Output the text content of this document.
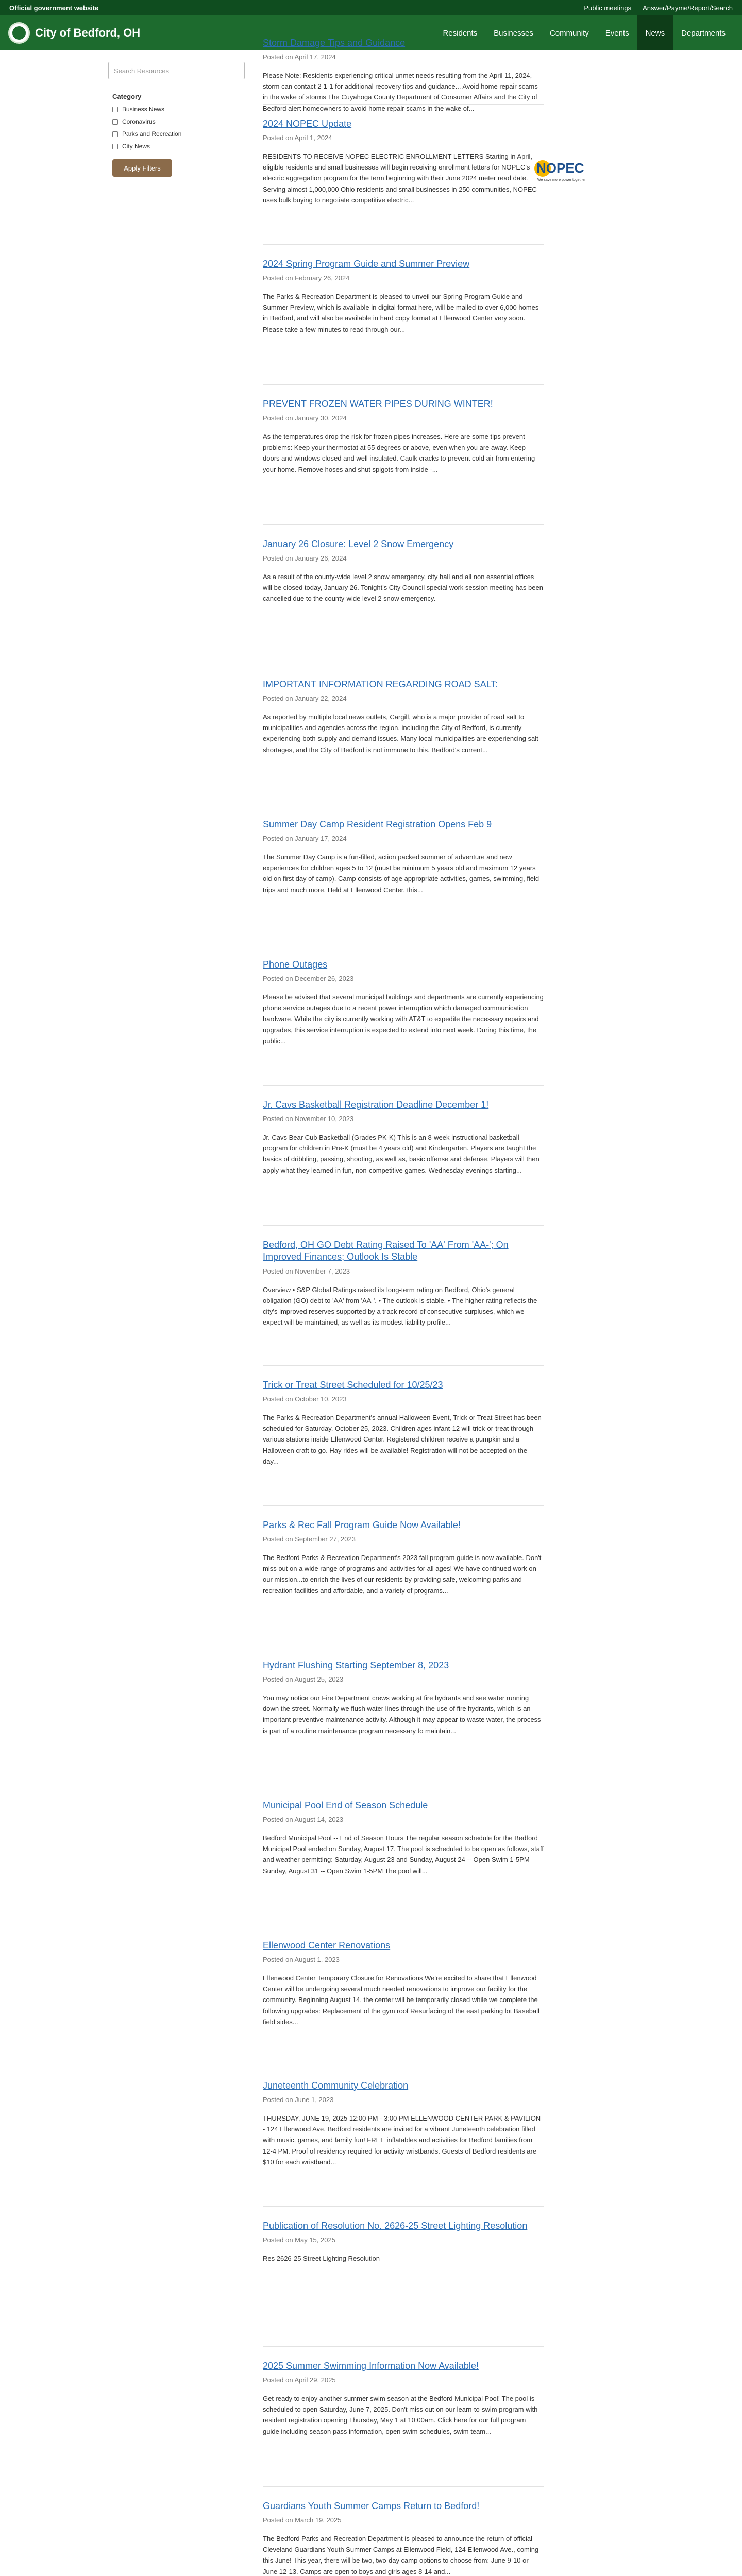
Official government website	Public meetings Answer/Payme/Report/Search
City of Bedford, OH	Residents	Businesses	Community	Events	News	Departments
Search Resources
Category
Business News
Coronavirus
Parks and Recreation
City News
Apply Filters
Storm Damage Tips and Guidance
Posted on April 17, 2024

Please Note: Residents experiencing critical unmet needs resulting from the April 11, 2024, storm can contact 2-1-1 for additional recovery tips and guidance... Avoid home repair scams in the wake of storms The Cuyahoga County Department of Consumer Affairs and the City of Bedford alert homeowners to avoid home repair scams in the wake of...

2024 NOPEC Update
Posted on April 1, 2024

RESIDENTS TO RECEIVE NOPEC ELECTRIC ENROLLMENT LETTERS Starting in April, eligible residents and small businesses will begin receiving enrollment letters for NOPEC's electric aggregation program for the term beginning with their June 2024 meter read date. Serving almost 1,000,000 Ohio residents and small businesses in 250 communities, NOPEC uses bulk buying to negotiate competitive electric...

NOPEC
We save more power together
2024 Spring Program Guide and Summer Preview
Posted on February 26, 2024

The Parks & Recreation Department is pleased to unveil our Spring Program Guide and Summer Preview, which is available in digital format here, will be mailed to over 6,000 homes in Bedford, and will also be available in hard copy format at Ellenwood Center very soon. Please take a few minutes to read through our...

PREVENT FROZEN WATER PIPES DURING WINTER!
Posted on January 30, 2024

As the temperatures drop the risk for frozen pipes increases. Here are some tips prevent problems: Keep your thermostat at 55 degrees or above, even when you are away. Keep doors and windows closed and well insulated. Caulk cracks to prevent cold air from entering your home. Remove hoses and shut spigots from inside -...

January 26 Closure: Level 2 Snow Emergency
Posted on January 26, 2024

As a result of the county-wide level 2 snow emergency, city hall and all non essential offices will be closed today, January 26. Tonight's City Council special work session meeting has been cancelled due to the county-wide level 2 snow emergency.

IMPORTANT INFORMATION REGARDING ROAD SALT:
Posted on January 22, 2024

As reported by multiple local news outlets, Cargill, who is a major provider of road salt to municipalities and agencies across the region, including the City of Bedford, is currently experiencing both supply and demand issues. Many local municipalities are experiencing salt shortages, and the City of Bedford is not immune to this. Bedford's current...

Summer Day Camp Resident Registration Opens Feb 9
Posted on January 17, 2024

The Summer Day Camp is a fun-filled, action packed summer of adventure and new experiences for children ages 5 to 12 (must be minimum 5 years old and maximum 12 years old on first day of camp). Camp consists of age appropriate activities, games, swimming, field trips and much more. Held at Ellenwood Center, this...

Phone Outages
Posted on December 26, 2023

Please be advised that several municipal buildings and departments are currently experiencing phone service outages due to a recent power interruption which damaged communication hardware. While the city is currently working with AT&T to expedite the necessary repairs and upgrades, this service interruption is expected to extend into next week. During this time, the public...

Jr. Cavs Basketball Registration Deadline December 1!
Posted on November 10, 2023

Jr. Cavs Bear Cub Basketball (Grades PK-K) This is an 8-week instructional basketball program for children in Pre-K (must be 4 years old) and Kindergarten. Players are taught the basics of dribbling, passing, shooting, as well as, basic offense and defense. Players will then apply what they learned in fun, non-competitive games. Wednesday evenings starting...

Bedford, OH GO Debt Rating Raised To 'AA' From 'AA-'; On Improved Finances; Outlook Is Stable
Posted on November 7, 2023

Overview • S&P Global Ratings raised its long-term rating on Bedford, Ohio's general obligation (GO) debt to 'AA' from 'AA-'. • The outlook is stable. • The higher rating reflects the city's improved reserves supported by a track record of consecutive surpluses, which we expect will be maintained, as well as its modest liability profile...

Trick or Treat Street Scheduled for 10/25/23
Posted on October 10, 2023

The Parks & Recreation Department's annual Halloween Event, Trick or Treat Street has been scheduled for Saturday, October 25, 2023. Children ages infant-12 will trick-or-treat through various stations inside Ellenwood Center. Registered children receive a pumpkin and a Halloween craft to go. Hay rides will be available! Registration will not be accepted on the day...

Parks & Rec Fall Program Guide Now Available!
Posted on September 27, 2023

The Bedford Parks & Recreation Department's 2023 fall program guide is now available. Don't miss out on a wide range of programs and activities for all ages! We have continued work on our mission...to enrich the lives of our residents by providing safe, welcoming parks and recreation facilities and affordable, and a variety of programs...

Hydrant Flushing Starting September 8, 2023
Posted on August 25, 2023

You may notice our Fire Department crews working at fire hydrants and see water running down the street. Normally we flush water lines through the use of fire hydrants, which is an important preventive maintenance activity. Although it may appear to waste water, the process is part of a routine maintenance program necessary to maintain...

Municipal Pool End of Season Schedule
Posted on August 14, 2023

Bedford Municipal Pool -- End of Season Hours The regular season schedule for the Bedford Municipal Pool ended on Sunday, August 17. The pool is scheduled to be open as follows, staff and weather permitting: Saturday, August 23 and Sunday, August 24 -- Open Swim 1-5PM Sunday, August 31 -- Open Swim 1-5PM The pool will...

Ellenwood Center Renovations
Posted on August 1, 2023

Ellenwood Center Temporary Closure for Renovations We're excited to share that Ellenwood Center will be undergoing several much needed renovations to improve our facility for the community. Beginning August 14, the center will be temporarily closed while we complete the following upgrades: Replacement of the gym roof Resurfacing of the east parking lot Baseball field sides...

Juneteenth Community Celebration
Posted on June 1, 2023

THURSDAY, JUNE 19, 2025 12:00 PM - 3:00 PM ELLENWOOD CENTER PARK & PAVILION - 124 Ellenwood Ave. Bedford residents are invited for a vibrant Juneteenth celebration filled with music, games, and family fun! FREE inflatables and activities for Bedford families from 12-4 PM. Proof of residency required for activity wristbands. Guests of Bedford residents are $10 for each wristband...

Publication of Resolution No. 2626-25 Street Lighting Resolution
Posted on May 15, 2025

Res 2626-25 Street Lighting Resolution

2025 Summer Swimming Information Now Available!
Posted on April 29, 2025

Get ready to enjoy another summer swim season at the Bedford Municipal Pool! The pool is scheduled to open Saturday, June 7, 2025. Don't miss out on our learn-to-swim program with resident registration opening Thursday, May 1 at 10:00am. Click here for our full program guide including season pass information, open swim schedules, swim team...

Guardians Youth Summer Camps Return to Bedford!
Posted on March 19, 2025

The Bedford Parks and Recreation Department is pleased to announce the return of official Cleveland Guardians Youth Summer Camps at Ellenwood Field, 124 Ellenwood Ave., coming this June! This year, there will be two, two-day camp options to choose from: June 9-10 or June 12-13. Camps are open to boys and girls ages 8-14 and...
